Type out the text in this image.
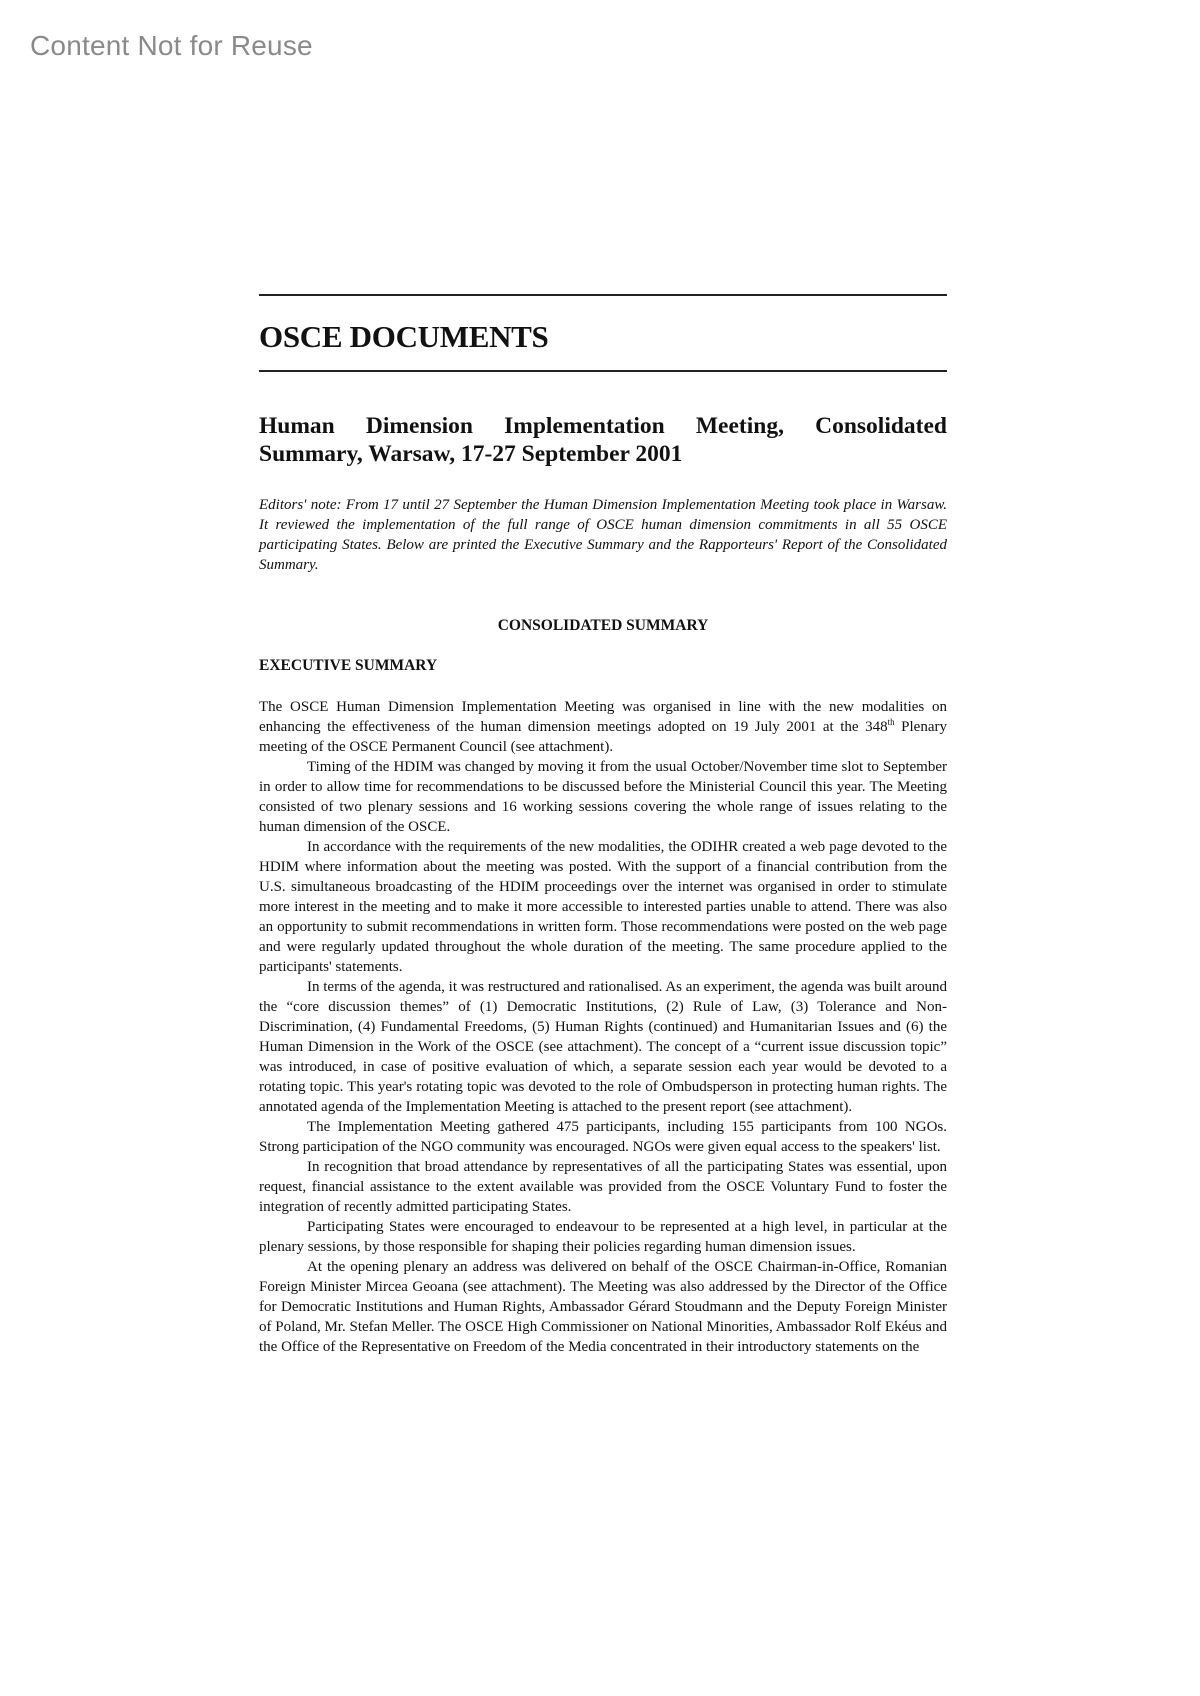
Content Not for Reuse
OSCE DOCUMENTS
Human Dimension Implementation Meeting, Consolidated Summary, Warsaw, 17-27 September 2001

Editors' note: From 17 until 27 September the Human Dimension Implementation Meeting took place in Warsaw. It reviewed the implementation of the full range of OSCE human dimension commitments in all 55 OSCE participating States. Below are printed the Executive Summary and the Rapporteurs' Report of the Consolidated Summary.

CONSOLIDATED SUMMARY
EXECUTIVE SUMMARY

The OSCE Human Dimension Implementation Meeting was organised in line with the new modalities on enhancing the effectiveness of the human dimension meetings adopted on 19 July 2001 at the 348th Plenary meeting of the OSCE Permanent Council (see attachment).

Timing of the HDIM was changed by moving it from the usual October/November time slot to September in order to allow time for recommendations to be discussed before the Ministerial Council this year. The Meeting consisted of two plenary sessions and 16 working sessions covering the whole range of issues relating to the human dimension of the OSCE.

In accordance with the requirements of the new modalities, the ODIHR created a web page devoted to the HDIM where information about the meeting was posted. With the support of a financial contribution from the U.S. simultaneous broadcasting of the HDIM proceedings over the internet was organised in order to stimulate more interest in the meeting and to make it more accessible to interested parties unable to attend. There was also an opportunity to submit recommendations in written form. Those recommendations were posted on the web page and were regularly updated throughout the whole duration of the meeting. The same procedure applied to the participants' statements.

In terms of the agenda, it was restructured and rationalised. As an experiment, the agenda was built around the “core discussion themes” of (1) Democratic Institutions, (2) Rule of Law, (3) Tolerance and Non-Discrimination, (4) Fundamental Freedoms, (5) Human Rights (continued) and Humanitarian Issues and (6) the Human Dimension in the Work of the OSCE (see attachment). The concept of a “current issue discussion topic” was introduced, in case of positive evaluation of which, a separate session each year would be devoted to a rotating topic. This year's rotating topic was devoted to the role of Ombudsperson in protecting human rights. The annotated agenda of the Implementation Meeting is attached to the present report (see attachment).

The Implementation Meeting gathered 475 participants, including 155 participants from 100 NGOs. Strong participation of the NGO community was encouraged. NGOs were given equal access to the speakers' list.

In recognition that broad attendance by representatives of all the participating States was essential, upon request, financial assistance to the extent available was provided from the OSCE Voluntary Fund to foster the integration of recently admitted participating States.

Participating States were encouraged to endeavour to be represented at a high level, in particular at the plenary sessions, by those responsible for shaping their policies regarding human dimension issues.

At the opening plenary an address was delivered on behalf of the OSCE Chairman-in-Office, Romanian Foreign Minister Mircea Geoana (see attachment). The Meeting was also addressed by the Director of the Office for Democratic Institutions and Human Rights, Ambassador Gérard Stoudmann and the Deputy Foreign Minister of Poland, Mr. Stefan Meller. The OSCE High Commissioner on National Minorities, Ambassador Rolf Ekéus and the Office of the Representative on Freedom of the Media concentrated in their introductory statements on the
